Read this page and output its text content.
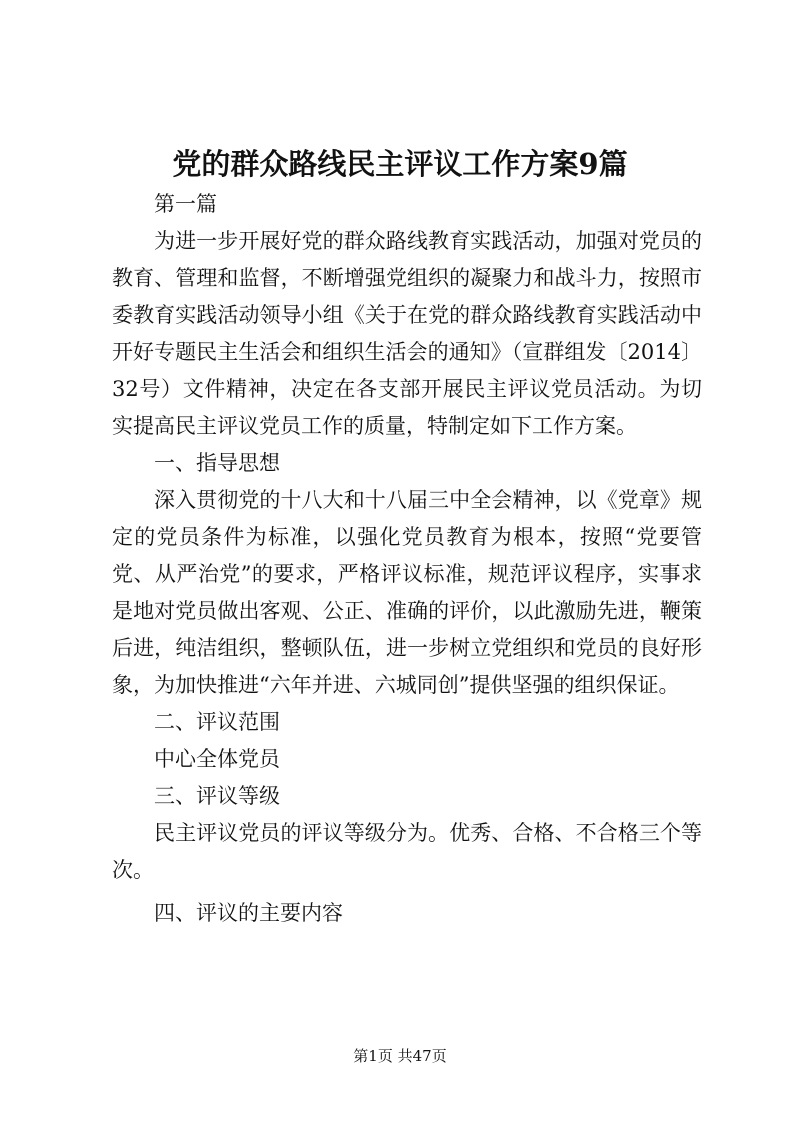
党的群众路线民主评议工作方案9篇

第一篇

为进一步开展好党的群众路线教育实践活动，加强对党员的教育、管理和监督，不断增强党组织的凝聚力和战斗力，按照市委教育实践活动领导小组《关于在党的群众路线教育实践活动中开好专题民主生活会和组织生活会的通知》（宣群组发〔2014〕32号）文件精神，决定在各支部开展民主评议党员活动。为切实提高民主评议党员工作的质量，特制定如下工作方案。

一、指导思想

深入贯彻党的十八大和十八届三中全会精神，以《党章》规定的党员条件为标准，以强化党员教育为根本，按照“党要管党、从严治党”的要求，严格评议标准，规范评议程序，实事求是地对党员做出客观、公正、准确的评价，以此激励先进，鞭策后进，纯洁组织，整顿队伍，进一步树立党组织和党员的良好形象，为加快推进“六年并进、六城同创”提供坚强的组织保证。

二、评议范围

中心全体党员

三、评议等级

民主评议党员的评议等级分为。优秀、合格、不合格三个等次。

四、评议的主要内容

第1页 共47页
